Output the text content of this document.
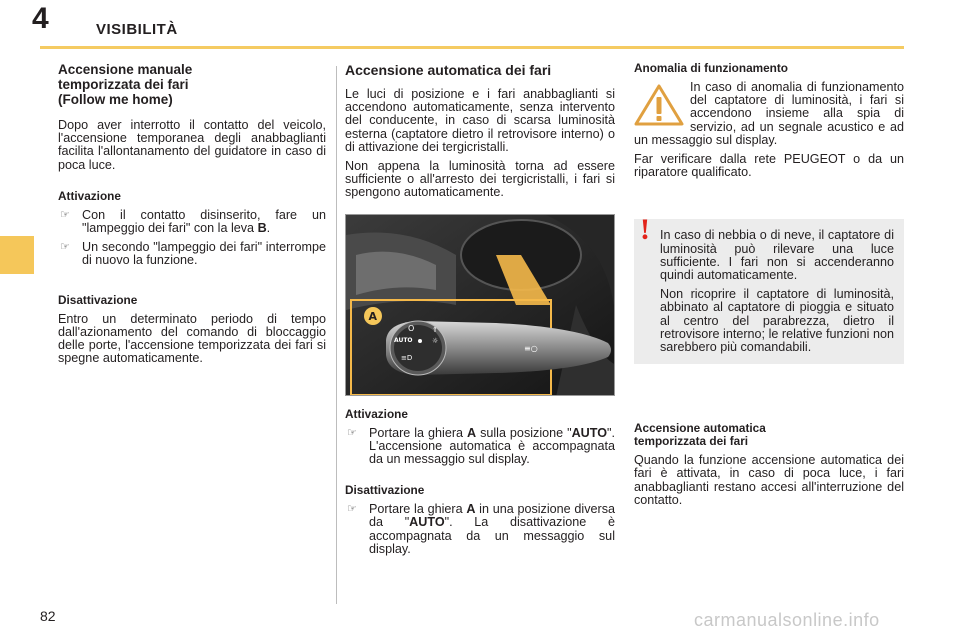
4	VISIBILITÀ
Accensione manuale
temporizzata dei fari
(Follow me home)
Dopo aver interrotto il contatto del veicolo, l'accensione temporanea degli anabbaglianti facilita l'allontanamento del guidatore in caso di poca luce.
Attivazione
☞ Con il contatto disinserito, fare un "lampeggio dei fari" con la leva B.
☞ Un secondo "lampeggio dei fari" interrompe di nuovo la funzione.
Disattivazione
Entro un determinato periodo di tempo dall'azionamento del comando di bloccaggio delle porte, l'accensione temporizzata dei fari si spegne automaticamente.
Accensione automatica dei fari
Le luci di posizione e i fari anabbaglianti si accendono automaticamente, senza intervento del conducente, in caso di scarsa luminosità esterna (captatore dietro il retrovisore interno) o di attivazione dei tergicristalli.
Non appena la luminosità torna ad essere sufficiente o all'arresto dei tergicristalli, i fari si spengono automaticamente.
AUTO
O	⇑
☼
≡D
≡○
A
Attivazione
☞ Portare la ghiera A sulla posizione "AUTO". L'accensione automatica è accompagnata da un messaggio sul display.
Disattivazione
☞ Portare la ghiera A in una posizione diversa da "AUTO". La disattivazione è accompagnata da un messaggio sul display.
Anomalia di funzionamento
In caso di anomalia di funzionamento del captatore di luminosità, i fari si accendono insieme alla spia di servizio, ad un segnale acustico e ad un messaggio sul display.
Far verificare dalla rete PEUGEOT o da un riparatore qualificato.
! In caso di nebbia o di neve, il captatore di luminosità può rilevare una luce sufficiente. I fari non si accenderanno quindi automaticamente.
Non ricoprire il captatore di luminosità, abbinato al captatore di pioggia e situato al centro del parabrezza, dietro il retrovisore interno; le relative funzioni non sarebbero più comandabili.
Accensione automatica
temporizzata dei fari
Quando la funzione accensione automatica dei fari è attivata, in caso di poca luce, i fari anabbaglianti restano accesi all'interruzione del contatto.
82	carmanualsonline.info
